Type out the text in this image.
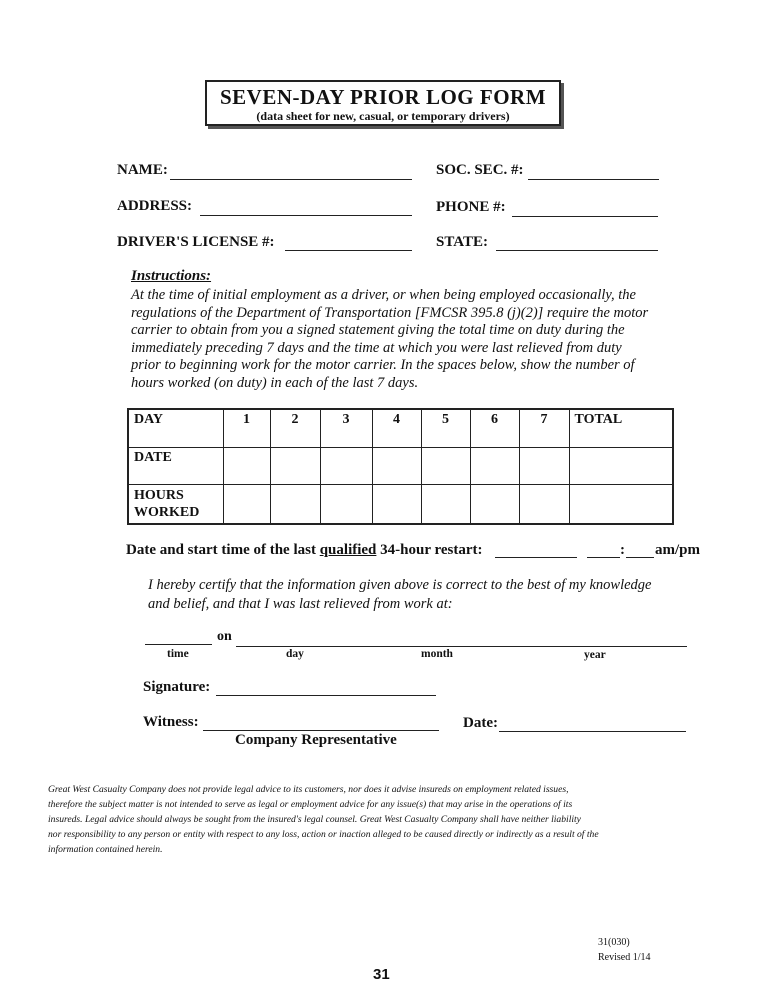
SEVEN-DAY PRIOR LOG FORM
(data sheet for new, casual, or temporary drivers)
NAME:	SOC. SEC. #:
ADDRESS:	PHONE #:
DRIVER'S LICENSE #:	STATE:
Instructions:
At the time of initial employment as a driver, or when being employed occasionally, the
regulations of the Department of Transportation [FMCSR 395.8 (j)(2)] require the motor
carrier to obtain from you a signed statement giving the total time on duty during the
immediately preceding 7 days and the time at which you were last relieved from duty
prior to beginning work for the motor carrier. In the spaces below, show the number of
hours worked (on duty) in each of the last 7 days.
DAY	1	2	3	4	5	6	7	TOTAL
DATE								

HOURS
WORKED								

Date and start time of the last qualified 34-hour restart:	: am/pm
I hereby certify that the information given above is correct to the best of my knowledge
and belief, and that I was last relieved from work at:
on
time	day	month	year
Signature:
Witness:	Date:
Company Representative
Great West Casualty Company does not provide legal advice to its customers, nor does it advise insureds on employment related issues,
therefore the subject matter is not intended to serve as legal or employment advice for any issue(s) that may arise in the operations of its
insureds. Legal advice should always be sought from the insured's legal counsel. Great West Casualty Company shall have neither liability
nor responsibility to any person or entity with respect to any loss, action or inaction alleged to be caused directly or indirectly as a result of the
information contained herein.
31(030)
Revised 1/14
31
